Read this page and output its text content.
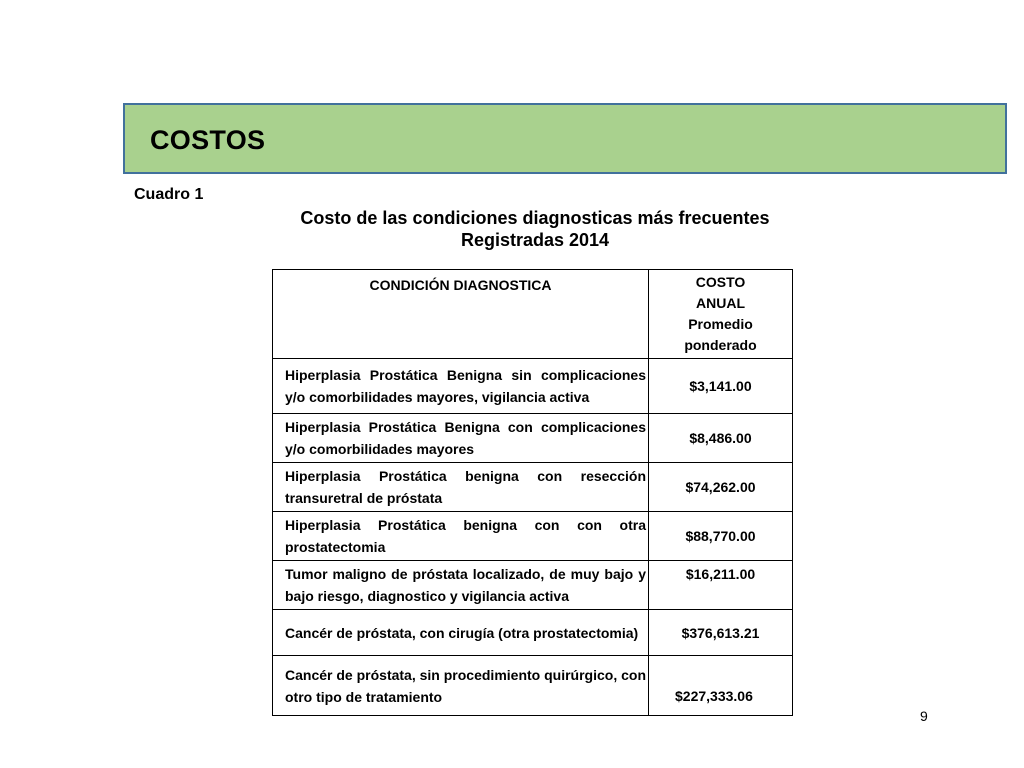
COSTOS
Cuadro 1
Costo de las condiciones diagnosticas más frecuentes
Registradas 2014
CONDICIÓN DIAGNOSTICA	COSTO
ANUAL
Promedio
ponderado

Hiperplasia Prostática Benigna sin complicaciones y/o comorbilidades mayores, vigilancia activa	$3,141.00
Hiperplasia Prostática Benigna con complicaciones y/o comorbilidades mayores	$8,486.00
Hiperplasia Prostática benigna con resección transuretral de próstata	$74,262.00
Hiperplasia Prostática benigna con con otra prostatectomia	$88,770.00
Tumor maligno de próstata localizado, de muy bajo y bajo riesgo, diagnostico y vigilancia activa	$16,211.00
Cancér de próstata, con cirugía (otra prostatectomia)	$376,613.21
Cancér de próstata, sin procedimiento quirúrgico, con otro tipo de tratamiento	$227,333.06
9
